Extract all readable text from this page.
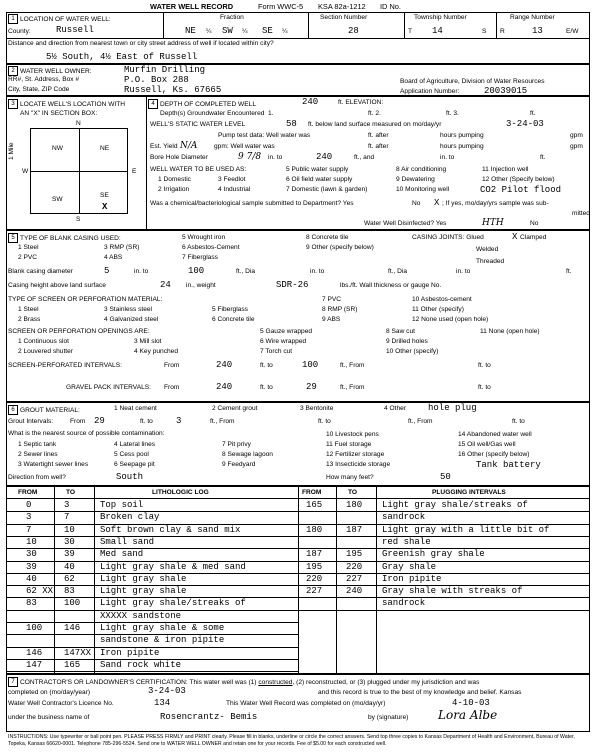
WATER WELL RECORD	Form WWC-5 KSA 82a-1212 ID No.
1 LOCATION OF WATER WELL:	Fraction	Section Number	Township Number	Range Number
County:	Russell	NE ¼ SW ¼ SE ¼	28	T 14	S R	13	E/W
Distance and direction from nearest town or city street address of well if located within city?
5½ South, 4½ East of Russell
2 WATER WELL OWNER:	Murfin Drilling
RR#, St. Address, Box #	P.O. Box 288
City, State, ZIP Code	Russell, Ks. 67665
Board of Agriculture, Division of Water Resources
Application Number:	20039015
3 LOCATE WELL'S LOCATION WITH
AN "X" IN SECTION BOX:
N
S
W	E
NW	NE
SW
SE
X
1 Mile
4 DEPTH OF COMPLETED WELL	240	ft. ELEVATION:
Depth(s) Groundwater Encountered 1.	ft. 2.	ft. 3.	ft.
WELL'S STATIC WATER LEVEL	58 ft. below land surface measured on mo/day/yr	3-24-03
Pump test data: Well water was	ft. after	hours pumping	gpm
Est. Yield N/A	gpm: Well water was	ft. after	hours pumping	gpm
Bore Hole Diameter	9 7/8 in. to	240	ft., and	in. to	ft.
WELL WATER TO BE USED AS:
1 Domestic
2 Irrigation
3 Feedlot
4 Industrial
5 Public water supply
6 Oil field water supply
7 Domestic (lawn & garden)
8 Air conditioning
9 Dewatering
10 Monitoring well
11 Injection well
12 Other (Specify below)
CO2 Pilot flood
Was a chemical/bacteriological sample submitted to Department? Yes	No X ; If yes, mo/day/yrs sample was sub-
mitted
Water Well Disinfected? Yes	HTH	No
5 TYPE OF BLANK CASING USED:
1 Steel
2 PVC
3 RMP (SR)
4 ABS
5 Wrought iron
6 Asbestos-Cement
7 Fiberglass
8 Concrete tile
9 Other (specify below)
CASING JOINTS: Glued	X Clamped
Welded
Threaded
Blank casing diameter	5	in. to	100	ft., Dia	in. to	ft., Dia	in. to	ft.
Casing height above land surface	24 in., weight	SDR-26	lbs./ft. Wall thickness or gauge No.
TYPE OF SCREEN OR PERFORATION MATERIAL:
1 Steel
2 Brass
3 Stainless steel
4 Galvanized steel
5 Fiberglass
6 Concrete tile
7 PVC
8 RMP (SR)
9 ABS
10 Asbestos-cement
11 Other (specify)
12 None used (open hole)
SCREEN OR PERFORATION OPENINGS ARE:
1 Continuous slot
2 Louvered shutter
3 Mill slot
4 Key punched
5 Gauze wrapped
6 Wire wrapped
7 Torch cut
8 Saw cut
9 Drilled holes
10 Other (specify)
11 None (open hole)
SCREEN-PERFORATED INTERVALS:	From	240	ft. to	100	ft., From	ft. to
GRAVEL PACK INTERVALS: From	240	ft. to	29	ft., From	ft. to
6 GROUT MATERIAL:	1 Neat cement	2 Cement grout	3 Bentonite	4 Other hole plug
Grout Intervals:	From 29	ft. to	3	ft., From	ft. to	ft., From	ft. to
What is the nearest source of possible contamination:
1 Septic tank
2 Sewer lines
3 Watertight sewer lines
4 Lateral lines
5 Cess pool
6 Seepage pit
7 Pit privy
8 Sewage lagoon
9 Feedyard
10 Livestock pens
11 Fuel storage
12 Fertilizer storage
13 Insecticide storage
14 Abandoned water well
15 Oil well/Gas well
16 Other (specify below)
Tank battery
Direction from well?	South	How many feet?	50
FROM	TO	LITHOLOGIC LOG	FROM	TO	PLUGGING INTERVALS
0	3	Top soil
3	7	Broken clay
7	10	Soft brown clay & sand mix
10	30	Small sand
30	39	Med sand
39	40	Light gray shale & med sand
40	62	Light gray shale
62 XX 83	Light gray shale
83	100 Light gray shale/streaks of
XXXXX sandstone
100 146 Light gray shale & some
sandstone & iron pipite
146 147XX Iron pipite
147 165 Sand rock white
165	180 Light gray shale/streaks of
sandrock
180	187 Light gray with a little bit of
red shale
187	195 Greenish gray shale
195	220 Gray shale
220	227 Iron pipite
227	240 Gray shale with streaks of
sandrock
7 CONTRACTOR'S OR LANDOWNER'S CERTIFICATION: This water well was (1) constructed, (2) reconstructed, or (3) plugged under my jurisdiction and was
completed on (mo/day/year)	3-24-03	and this record is true to the best of my knowledge and belief. Kansas
Water Well Contractor's Licence No.	134	This Water Well Record was completed on (mo/day/yr)	4-10-03
under the business name of	Rosencrantz- Bemis	by (signature) Lora Albe
INSTRUCTIONS: Use typewriter or ball point pen. PLEASE PRESS FIRMLY and PRINT clearly. Please fill in blanks, underline or circle the correct answers. Send top three copies to Kansas Department of Health and Environment, Bureau of Water, Topeka, Kansas 66620-0001. Telephone 785-296-5524. Send one to WATER WELL OWNER and retain one for your records. Fee of $5.00 for each constructed well.
